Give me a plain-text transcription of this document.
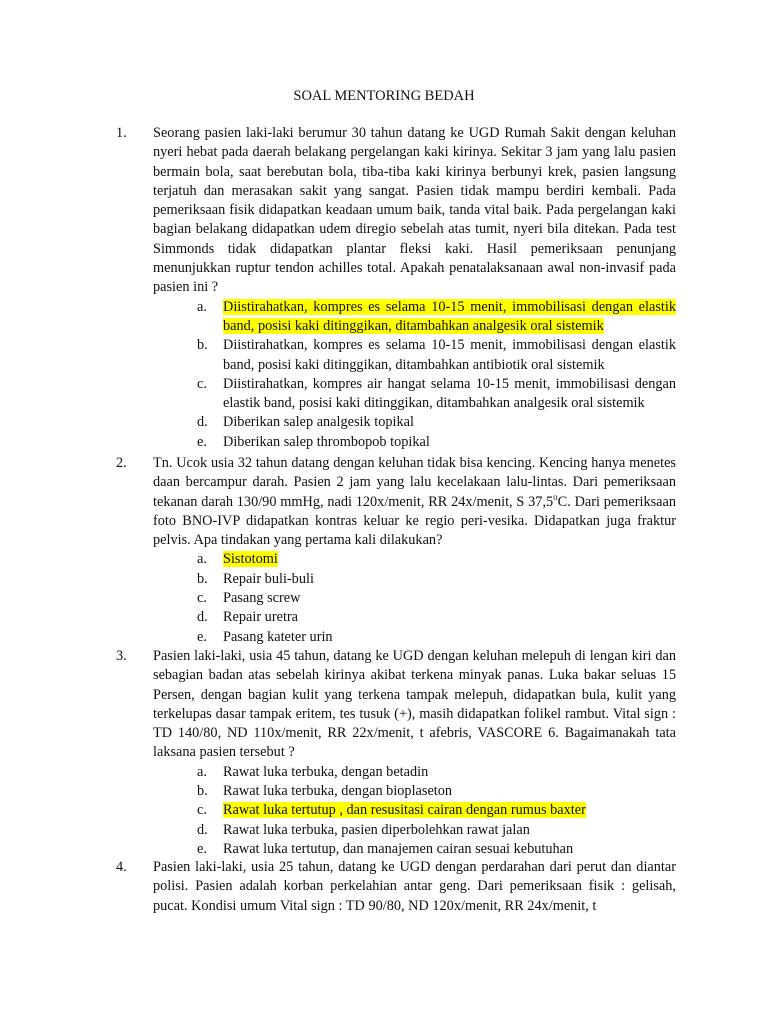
SOAL MENTORING BEDAH
1.	Seorang pasien laki-laki berumur 30 tahun datang ke UGD Rumah Sakit dengan keluhan nyeri hebat pada daerah belakang pergelangan kaki kirinya. Sekitar 3 jam yang lalu pasien bermain bola, saat berebutan bola, tiba-tiba kaki kirinya berbunyi krek, pasien langsung terjatuh dan merasakan sakit yang sangat. Pasien tidak mampu berdiri kembali. Pada pemeriksaan fisik didapatkan keadaan umum baik, tanda vital baik. Pada pergelangan kaki bagian belakang didapatkan udem diregio sebelah atas tumit, nyeri bila ditekan. Pada test Simmonds tidak didapatkan plantar fleksi kaki. Hasil pemeriksaan penunjang menunjukkan ruptur tendon achilles total. Apakah penatalaksanaan awal non-invasif pada pasien ini ?

a. Diistirahatkan, kompres es selama 10-15 menit, immobilisasi dengan elastik band, posisi kaki ditinggikan, ditambahkan analgesik oral sistemik
b. Diistirahatkan, kompres es selama 10-15 menit, immobilisasi dengan elastik band, posisi kaki ditinggikan, ditambahkan antibiotik oral sistemik
c. Diistirahatkan, kompres air hangat selama 10-15 menit, immobilisasi dengan elastik band, posisi kaki ditinggikan, ditambahkan analgesik oral sistemik
d. Diberikan salep analgesik topikal
e. Diberikan salep thrombopob topikal
2.	Tn. Ucok usia 32 tahun datang dengan keluhan tidak bisa kencing. Kencing hanya menetes daan bercampur darah. Pasien 2 jam yang lalu kecelakaan lalu-lintas. Dari pemeriksaan tekanan darah 130/90 mmHg, nadi 120x/menit, RR 24x/menit, S 37,5$^o$C. Dari pemeriksaan foto BNO-IVP didapatkan kontras keluar ke regio peri-vesika. Didapatkan juga fraktur pelvis. Apa tindakan yang pertama kali dilakukan?

a. Sistotomi
b. Repair buli-buli
c. Pasang screw
d. Repair uretra
e. Pasang kateter urin
3.	Pasien laki-laki, usia 45 tahun, datang ke UGD dengan keluhan melepuh di lengan kiri dan sebagian badan atas sebelah kirinya akibat terkena minyak panas. Luka bakar seluas 15 Persen, dengan bagian kulit yang terkena tampak melepuh, didapatkan bula, kulit yang terkelupas dasar tampak eritem, tes tusuk (+), masih didapatkan folikel rambut. Vital sign : TD 140/80, ND 110x/menit, RR 22x/menit, t afebris, VASCORE 6. Bagaimanakah tata laksana pasien tersebut ?

a. Rawat luka terbuka, dengan betadin
b. Rawat luka terbuka, dengan bioplaseton
c. Rawat luka tertutup , dan resusitasi cairan dengan rumus baxter
d. Rawat luka terbuka, pasien diperbolehkan rawat jalan
e. Rawat luka tertutup, dan manajemen cairan sesuai kebutuhan
4.	Pasien laki-laki, usia 25 tahun, datang ke UGD dengan perdarahan dari perut dan diantar polisi. Pasien adalah korban perkelahian antar geng. Dari pemeriksaan fisik : gelisah, pucat. Kondisi umum Vital sign : TD 90/80, ND 120x/menit, RR 24x/menit, t
